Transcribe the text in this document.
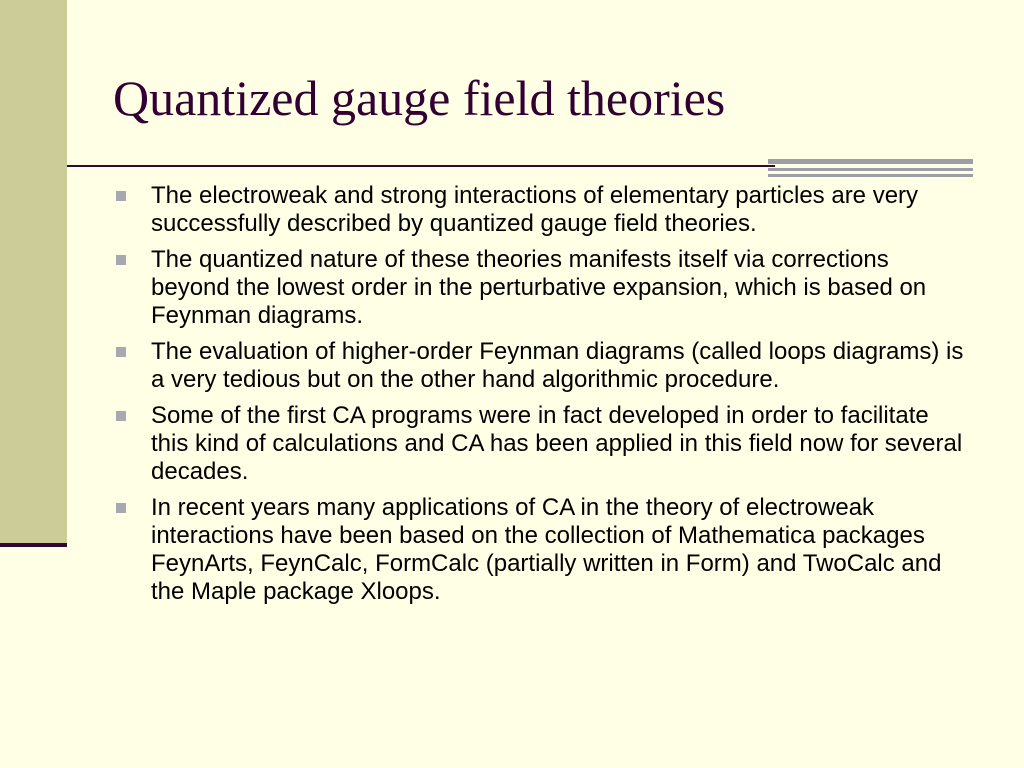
Quantized gauge field theories
The electroweak and strong interactions of elementary particles are very successfully described by quantized gauge field theories.
The quantized nature of these theories manifests itself via corrections beyond the lowest order in the perturbative expansion, which is based on Feynman diagrams.
The evaluation of higher-order Feynman diagrams (called loops diagrams) is a very tedious but on the other hand algorithmic procedure.
Some of the first CA programs were in fact developed in order to facilitate this kind of calculations and CA has been applied in this field now for several decades.
In recent years many applications of CA in the theory of electroweak interactions have been based on the collection of Mathematica packages FeynArts, FeynCalc, FormCalc (partially written in Form) and TwoCalc and the Maple package Xloops.
